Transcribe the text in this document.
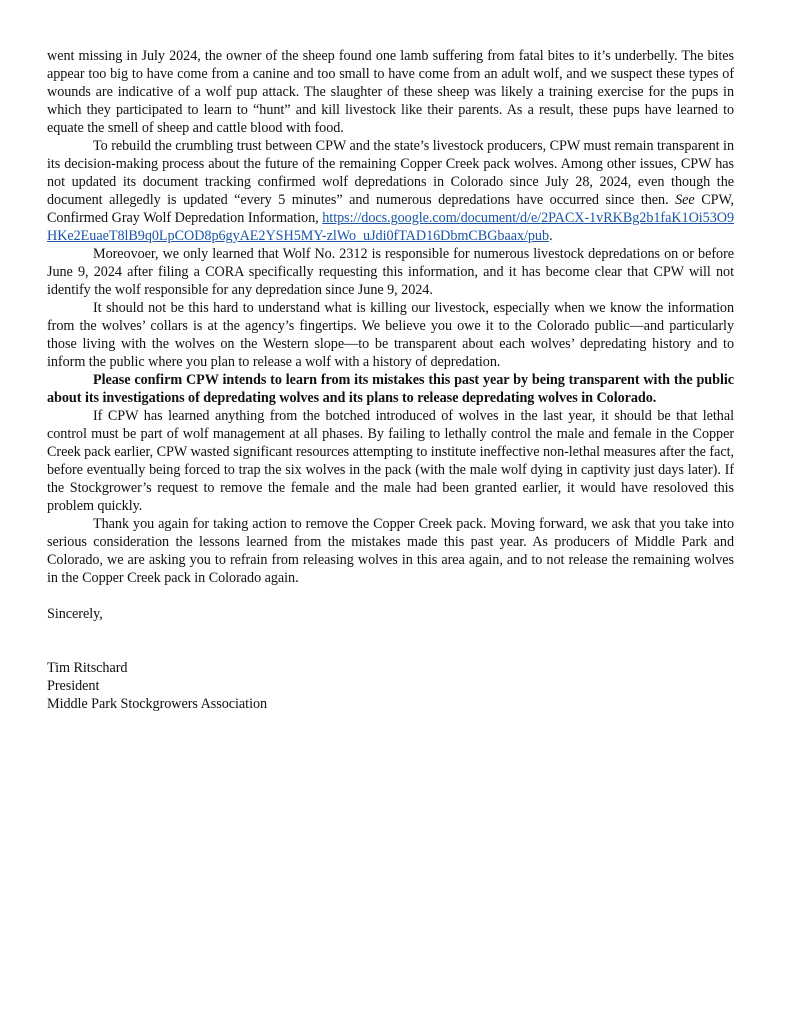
went missing in July 2024, the owner of the sheep found one lamb suffering from fatal bites to it’s underbelly. The bites appear too big to have come from a canine and too small to have come from an adult wolf, and we suspect these types of wounds are indicative of a wolf pup attack. The slaughter of these sheep was likely a training exercise for the pups in which they participated to learn to “hunt” and kill livestock like their parents. As a result, these pups have learned to equate the smell of sheep and cattle blood with food.

To rebuild the crumbling trust between CPW and the state’s livestock producers, CPW must remain transparent in its decision-making process about the future of the remaining Copper Creek pack wolves. Among other issues, CPW has not updated its document tracking confirmed wolf depredations in Colorado since July 28, 2024, even though the document allegedly is updated “every 5 minutes” and numerous depredations have occurred since then. See CPW, Confirmed Gray Wolf Depredation Information, https://docs.google.com/document/d/e/2PACX-1vRKBg2b1faK1Oi53O9HKe2EuaeT8lB9q0LpCOD8p6gyAE2YSH5MY-zlWo_uJdi0fTAD16DbmCBGbaax/pub.

Moreovoer, we only learned that Wolf No. 2312 is responsible for numerous livestock depredations on or before June 9, 2024 after filing a CORA specifically requesting this information, and it has become clear that CPW will not identify the wolf responsible for any depredation since June 9, 2024.

It should not be this hard to understand what is killing our livestock, especially when we know the information from the wolves’ collars is at the agency’s fingertips. We believe you owe it to the Colorado public—and particularly those living with the wolves on the Western slope—to be transparent about each wolves’ depredating history and to inform the public where you plan to release a wolf with a history of depredation.

Please confirm CPW intends to learn from its mistakes this past year by being transparent with the public about its investigations of depredating wolves and its plans to release depredating wolves in Colorado.

If CPW has learned anything from the botched introduced of wolves in the last year, it should be that lethal control must be part of wolf management at all phases. By failing to lethally control the male and female in the Copper Creek pack earlier, CPW wasted significant resources attempting to institute ineffective non-lethal measures after the fact, before eventually being forced to trap the six wolves in the pack (with the male wolf dying in captivity just days later). If the Stockgrower’s request to remove the female and the male had been granted earlier, it would have resoloved this problem quickly.

Thank you again for taking action to remove the Copper Creek pack. Moving forward, we ask that you take into serious consideration the lessons learned from the mistakes made this past year. As producers of Middle Park and Colorado, we are asking you to refrain from releasing wolves in this area again, and to not release the remaining wolves in the Copper Creek pack in Colorado again.

Sincerely,

Tim Ritschard

President

Middle Park Stockgrowers Association
